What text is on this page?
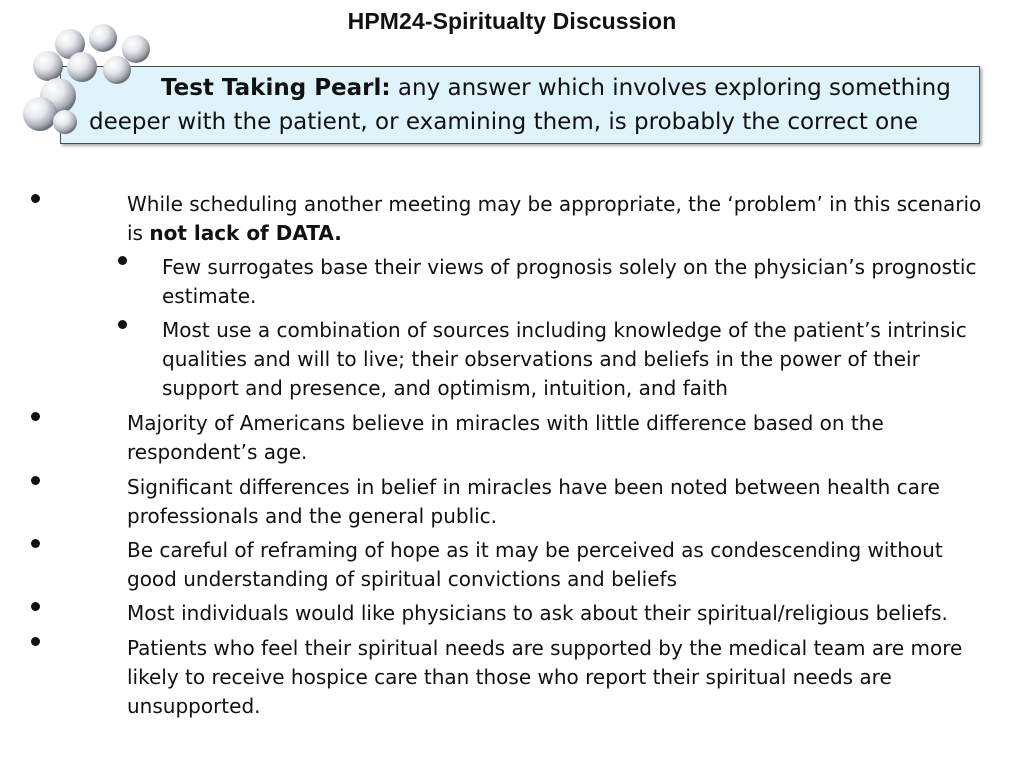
HPM24-Spiritualty Discussion
Test Taking Pearl: any answer which involves exploring something
deeper with the patient, or examining them, is probably the correct one
While scheduling another meeting may be appropriate, the ‘problem’ in this scenario
is not lack of DATA.
Few surrogates base their views of prognosis solely on the physician’s prognostic
estimate.
Most use a combination of sources including knowledge of the patient’s intrinsic
qualities and will to live; their observations and beliefs in the power of their
support and presence, and optimism, intuition, and faith
Majority of Americans believe in miracles with little difference based on the
respondent’s age.
Significant differences in belief in miracles have been noted between health care
professionals and the general public.
Be careful of reframing of hope as it may be perceived as condescending without
good understanding of spiritual convictions and beliefs
Most individuals would like physicians to ask about their spiritual/religious beliefs.
Patients who feel their spiritual needs are supported by the medical team are more
likely to receive hospice care than those who report their spiritual needs are
unsupported.
